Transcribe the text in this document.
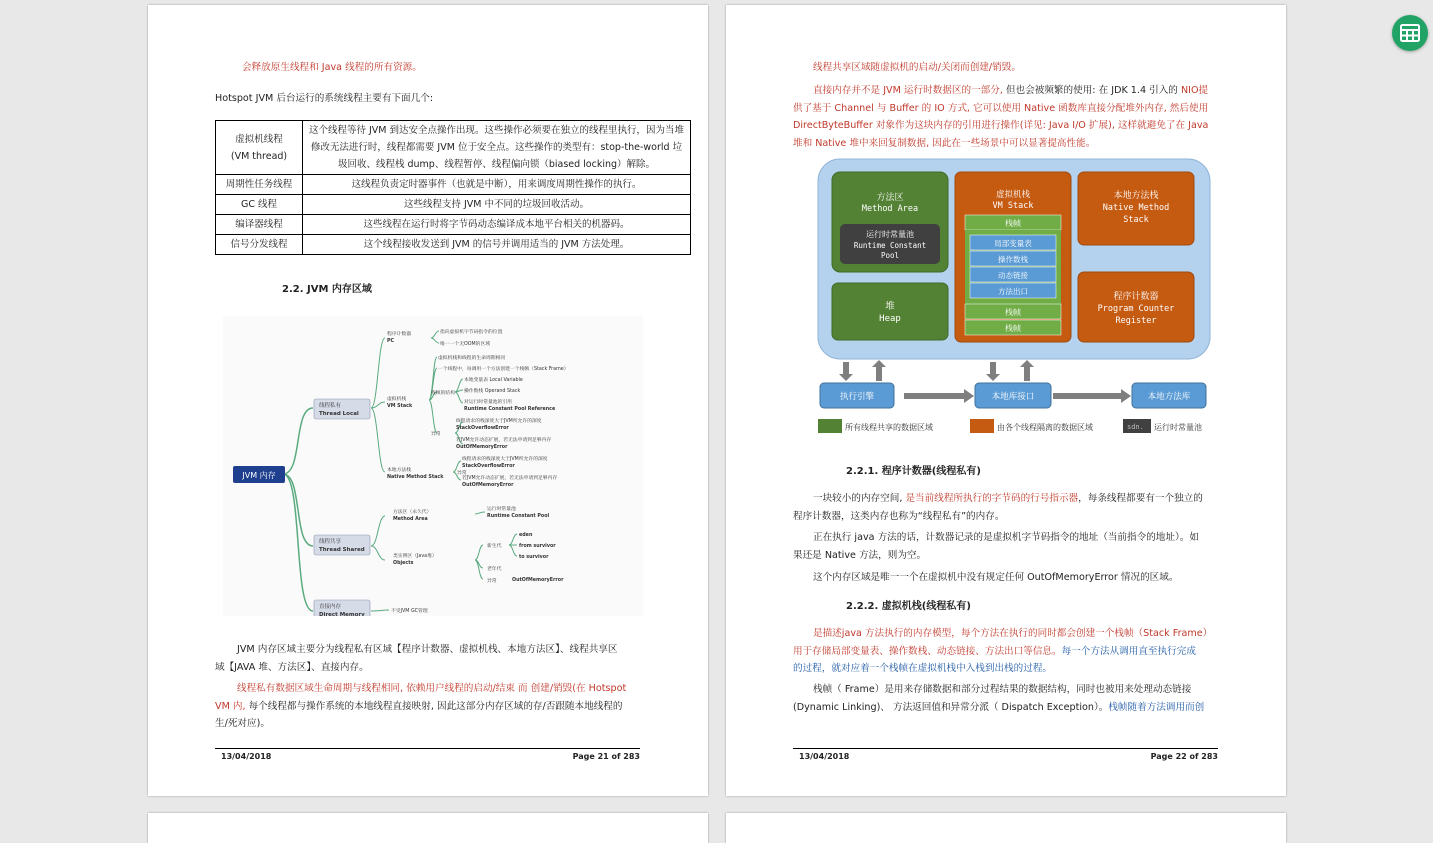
会释放原生线程和 Java 线程的所有资源。
Hotspot JVM 后台运行的系统线程主要有下面几个:
虚拟机线程
(VM thread)	这个线程等待 JVM 到达安全点操作出现。这些操作必须要在独立的线程里执行，因为当堆修改无法进行时，线程都需要 JVM 位于安全点。这些操作的类型有：stop-the-world 垃圾回收、线程栈 dump、线程暂停、线程偏向锁（biased locking）解除。
周期性任务线程	这线程负责定时器事件（也就是中断），用来调度周期性操作的执行。
GC 线程	这些线程支持 JVM 中不同的垃圾回收活动。
编译器线程	这些线程在运行时将字节码动态编译成本地平台相关的机器码。
信号分发线程	这个线程接收发送到 JVM 的信号并调用适当的 JVM 方法处理。
2.2. JVM 内存区域
JVM 内存
线程私有
Thread Local
线程共享
Thread Shared
直接内存
Direct Memory
程序计数器
PC
指向虚拟机字节码指令的位置
唯一一个无OOM的区域
虚拟机栈
VM Stack
虚拟机栈和线程的生命周期相同
一个线程中，每调用一个方法创建一个栈帧（Stack Frame）
栈帧的结构
本地变量表 Local Variable
操作数栈 Operand Stack
对运行时常量池的引用
Runtime Constant Pool Reference
异常
线程请求的栈深度大于JVM所允许的深度
StackOverflowError
若JVM允许动态扩展，若无法申请到足够内存
OutOfMemoryError
本地方法栈
Native Method Stack
异常
线程请求的栈深度大于JVM所允许的深度
StackOverflowError
若JVM允许动态扩展，若无法申请到足够内存
OutOfMemoryError
方法区（永久代）
Method Area
运行时常量池
Runtime Constant Pool
类实例区（Java堆）
Objects
新生代
eden
from survivor
to survivor
老年代
异常	OutOfMemoryError
不受JVM GC管理
JVM 内存区域主要分为线程私有区域【程序计数器、虚拟机栈、本地方法区】、线程共享区
域【JAVA 堆、方法区】、直接内存。
线程私有数据区域生命周期与线程相同, 依赖用户线程的启动/结束 而 创建/销毁(在 Hotspot
VM 内, 每个线程都与操作系统的本地线程直接映射, 因此这部分内存区域的存/否跟随本地线程的
生/死对应)。
13/04/2018	Page 21 of 283
线程共享区域随虚拟机的启动/关闭而创建/销毁。
直接内存并不是 JVM 运行时数据区的一部分, 但也会被频繁的使用: 在 JDK 1.4 引入的 NIO提
供了基于 Channel 与 Buffer 的 IO 方式, 它可以使用 Native 函数库直接分配堆外内存, 然后使用
DirectByteBuffer 对象作为这块内存的引用进行操作(详见: Java I/O 扩展), 这样就避免了在 Java
堆和 Native 堆中来回复制数据, 因此在一些场景中可以显著提高性能。
方法区
Method Area
运行时常量池
Runtime Constant
Pool
堆
Heap
虚拟机栈
VM Stack
栈帧
局部变量表
操作数栈
动态链接
方法出口
栈帧
栈帧
本地方法栈
Native Method
Stack
程序计数器
Program Counter
Register
执行引擎	本地库接口	本地方法库
所有线程共享的数据区域	由各个线程隔离的数据区域	sdn. 运行时常量池
2.2.1. 程序计数器(线程私有)
一块较小的内存空间, 是当前线程所执行的字节码的行号指示器，每条线程都要有一个独立的
程序计数器，这类内存也称为“线程私有”的内存。
正在执行 java 方法的话，计数器记录的是虚拟机字节码指令的地址（当前指令的地址）。如
果还是 Native 方法，则为空。
这个内存区域是唯一一个在虚拟机中没有规定任何 OutOfMemoryError 情况的区域。
2.2.2. 虚拟机栈(线程私有)
是描述java 方法执行的内存模型，每个方法在执行的同时都会创建一个栈帧（Stack Frame）
用于存储局部变量表、操作数栈、动态链接、方法出口等信息。每一个方法从调用直至执行完成
的过程，就对应着一个栈帧在虚拟机栈中入栈到出栈的过程。
栈帧（ Frame）是用来存储数据和部分过程结果的数据结构，同时也被用来处理动态链接
(Dynamic Linking)、 方法返回值和异常分派（ Dispatch Exception）。栈帧随着方法调用而创
13/04/2018	Page 22 of 283
